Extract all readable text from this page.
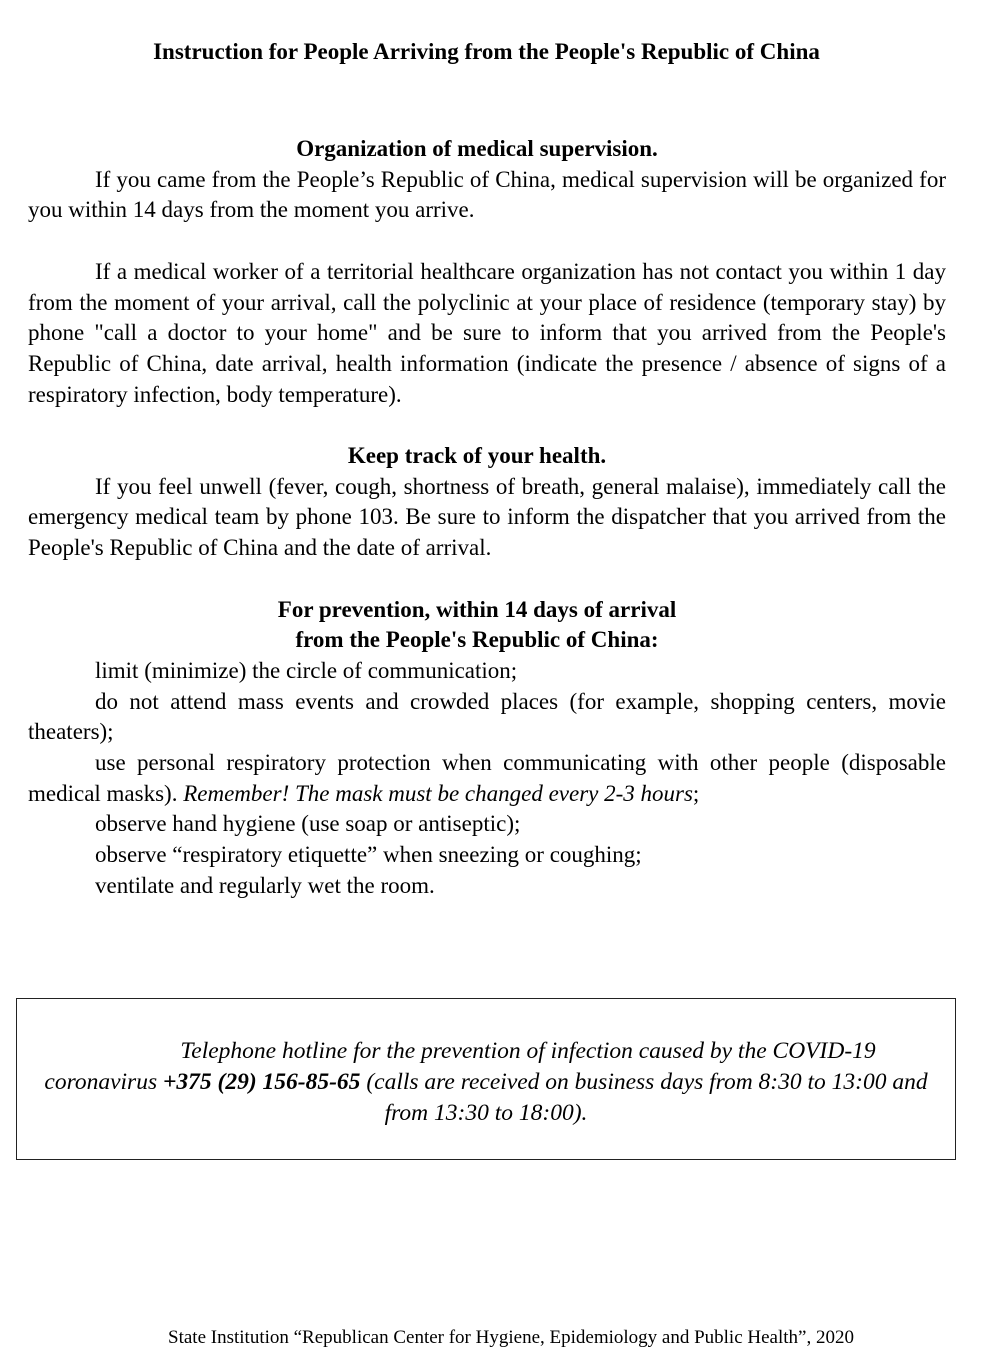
Instruction for People Arriving from the People's Republic of China

Organization of medical supervision.

If you came from the People’s Republic of China, medical supervision will be organized for you within 14 days from the moment you arrive.

If a medical worker of a territorial healthcare organization has not contact you within 1 day from the moment of your arrival, call the polyclinic at your place of residence (temporary stay) by phone "call a doctor to your home" and be sure to inform that you arrived from the People's Republic of China, date arrival, health information (indicate the presence / absence of signs of a respiratory infection, body temperature).

Keep track of your health.

If you feel unwell (fever, cough, shortness of breath, general malaise), immediately call the emergency medical team by phone 103. Be sure to inform the dispatcher that you arrived from the People's Republic of China and the date of arrival.

For prevention, within 14 days of arrival

from the People's Republic of China:

limit (minimize) the circle of communication;

do not attend mass events and crowded places (for example, shopping centers, movie theaters);

use personal respiratory protection when communicating with other people (disposable medical masks). Remember! The mask must be changed every 2-3 hours;

observe hand hygiene (use soap or antiseptic);

observe “respiratory etiquette” when sneezing or coughing;

ventilate and regularly wet the room.

Telephone hotline for the prevention of infection caused by the COVID-19 coronavirus +375 (29) 156-85-65 (calls are received on business days from 8:30 to 13:00 and from 13:30 to 18:00).
State Institution “Republican Center for Hygiene, Epidemiology and Public Health”, 2020
